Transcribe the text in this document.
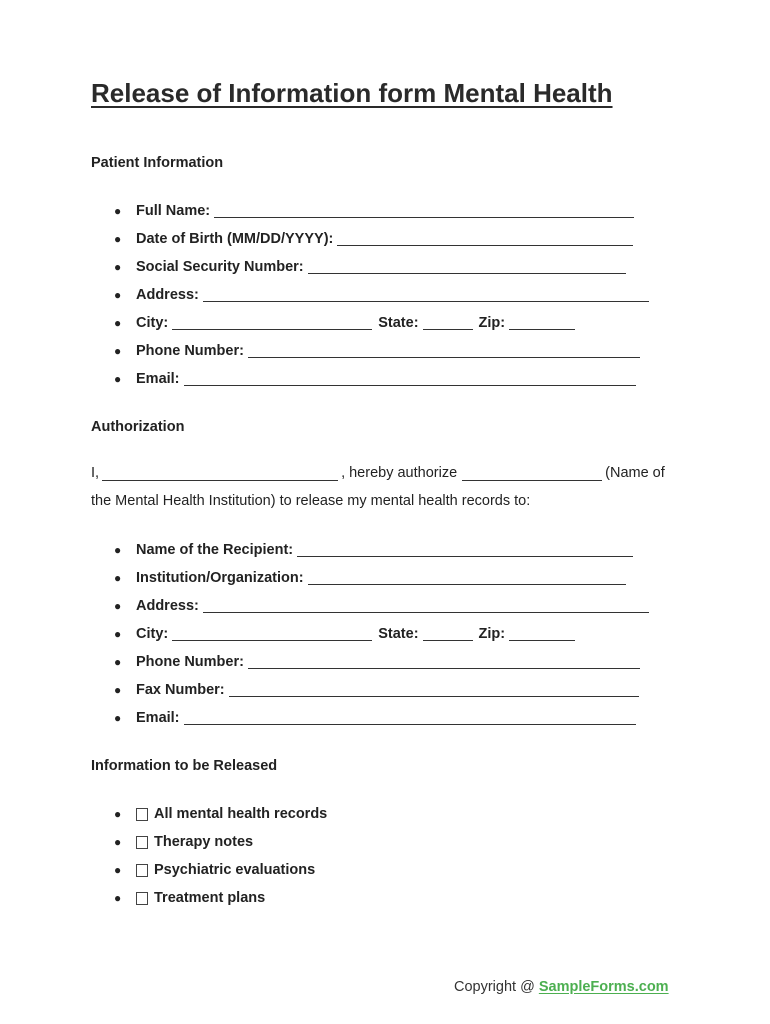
Release of Information form Mental Health
Patient Information
●	Full Name:
●	Date of Birth (MM/DD/YYYY):
●	Social Security Number:
●	Address:
●	City:	State:	Zip:
●	Phone Number:
●	Email:
Authorization
I,	, hereby authorize	(Name of
the Mental Health Institution) to release my mental health records to:
●	Name of the Recipient:
●	Institution/Organization:
●	Address:
●	City:	State:	Zip:
●	Phone Number:
●	Fax Number:
●	Email:
Information to be Released
●	All mental health records
●	Therapy notes
●	Psychiatric evaluations
●	Treatment plans
Copyright @ SampleForms.com
